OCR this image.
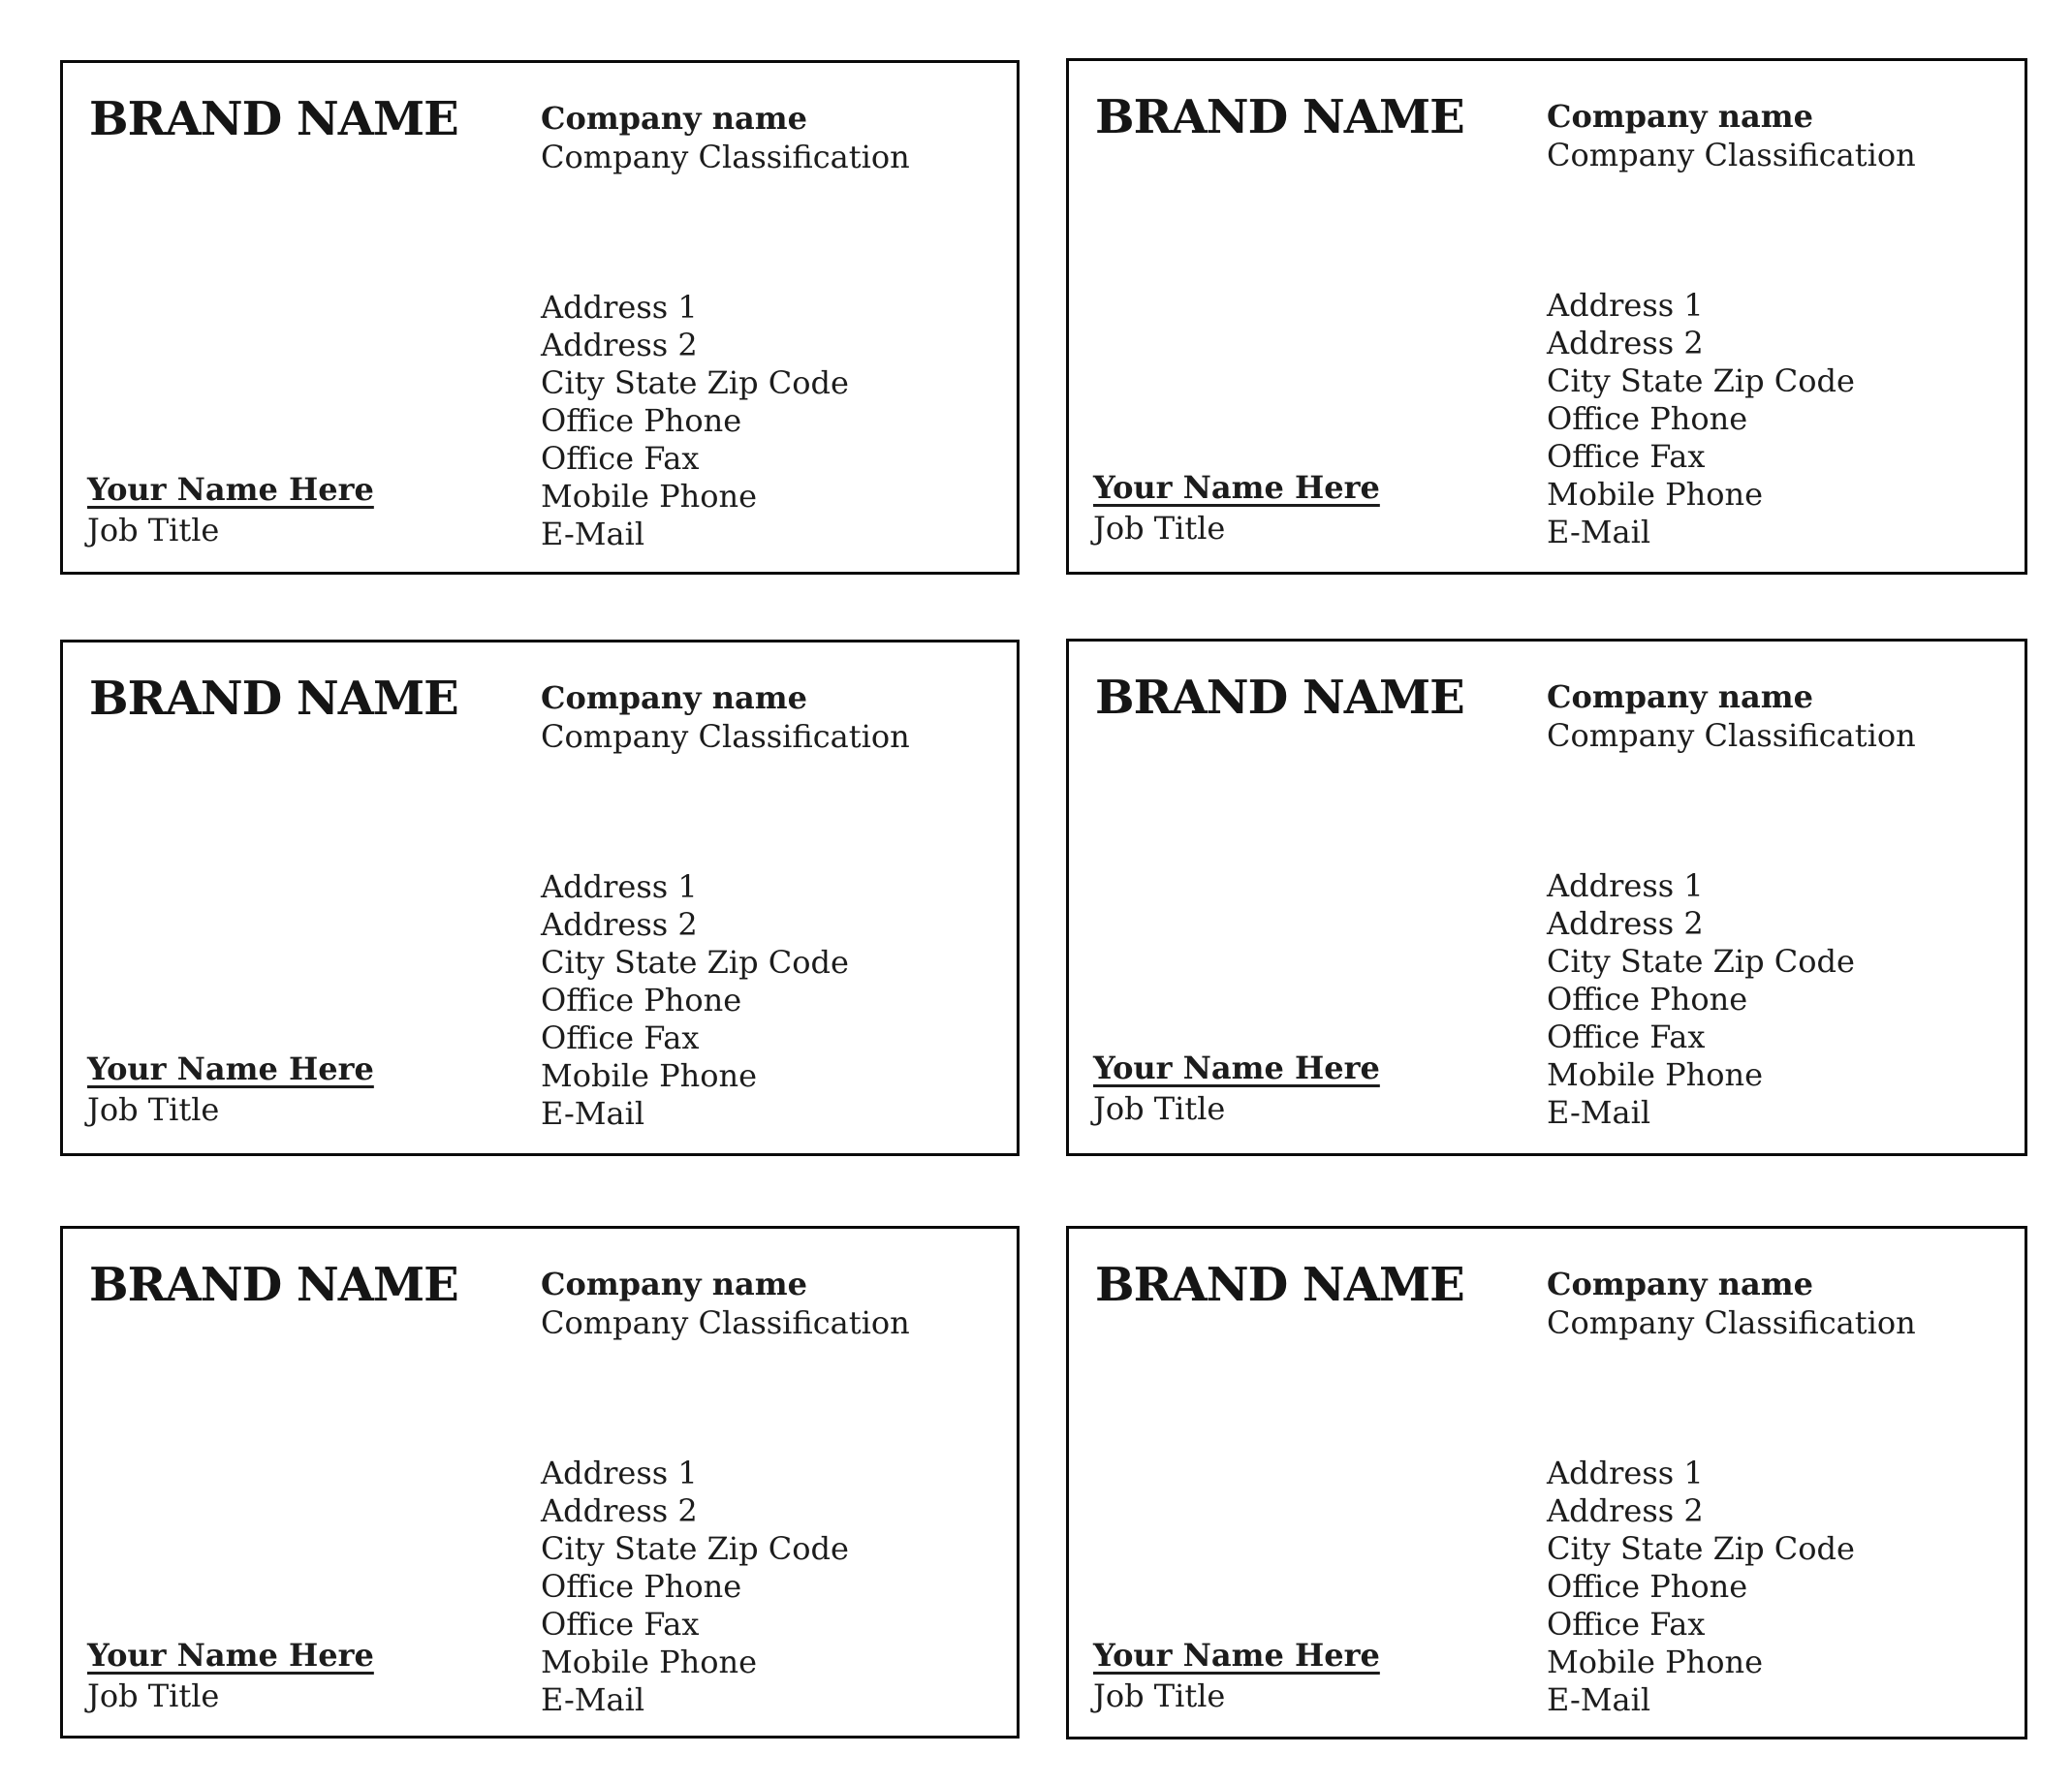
BRAND NAME	Company name
Company Classification
Address 1
Address 2
City State Zip Code
Office Phone
Office Fax
Mobile Phone
E-Mail
Your Name Here
Job Title
BRAND NAME	Company name
Company Classification
Address 1
Address 2
City State Zip Code
Office Phone
Office Fax
Mobile Phone
E-Mail
Your Name Here
Job Title
BRAND NAME	Company name
Company Classification
Address 1
Address 2
City State Zip Code
Office Phone
Office Fax
Mobile Phone
E-Mail
Your Name Here
Job Title
BRAND NAME	Company name
Company Classification
Address 1
Address 2
City State Zip Code
Office Phone
Office Fax
Mobile Phone
E-Mail
Your Name Here
Job Title
BRAND NAME	Company name
Company Classification
Address 1
Address 2
City State Zip Code
Office Phone
Office Fax
Mobile Phone
E-Mail
Your Name Here
Job Title
BRAND NAME	Company name
Company Classification
Address 1
Address 2
City State Zip Code
Office Phone
Office Fax
Mobile Phone
E-Mail
Your Name Here
Job Title
